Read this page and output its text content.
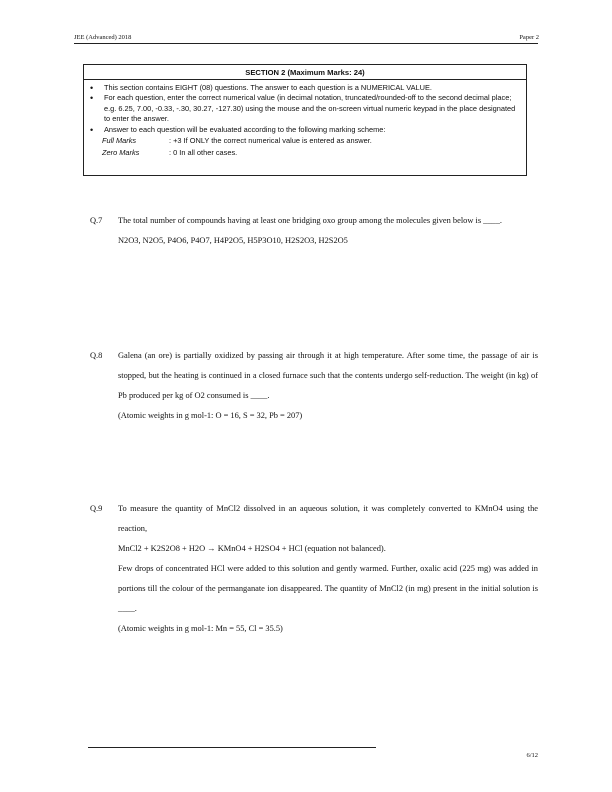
JEE (Advanced) 2018	Paper 2
SECTION 2 (Maximum Marks: 24)
• This section contains EIGHT (08) questions. The answer to each question is a NUMERICAL VALUE.
• For each question, enter the correct numerical value (in decimal notation, truncated/rounded-off to the second decimal place; e.g. 6.25, 7.00, -0.33, -.30, 30.27, -127.30) using the mouse and the on-screen virtual numeric keypad in the place designated to enter the answer.
• Answer to each question will be evaluated according to the following marking scheme:
Full Marks	: +3 If ONLY the correct numerical value is entered as answer.
Zero Marks	: 0 In all other cases.
Q.7 The total number of compounds having at least one bridging oxo group among the molecules given below is ____.

N2O3, N2O5, P4O6, P4O7, H4P2O5, H5P3O10, H2S2O3, H2S2O5

Q.8 Galena (an ore) is partially oxidized by passing air through it at high temperature. After some time, the passage of air is stopped, but the heating is continued in a closed furnace such that the contents undergo self-reduction. The weight (in kg) of Pb produced per kg of O2 consumed is ____.

(Atomic weights in g mol-1: O = 16, S = 32, Pb = 207)

Q.9 To measure the quantity of MnCl2 dissolved in an aqueous solution, it was completely converted to KMnO4 using the reaction,

MnCl2 + K2S2O8 + H2O → KMnO4 + H2SO4 + HCl (equation not balanced).

Few drops of concentrated HCl were added to this solution and gently warmed. Further, oxalic acid (225 mg) was added in portions till the colour of the permanganate ion disappeared. The quantity of MnCl2 (in mg) present in the initial solution is ____.

(Atomic weights in g mol-1: Mn = 55, Cl = 35.5)

6/12
